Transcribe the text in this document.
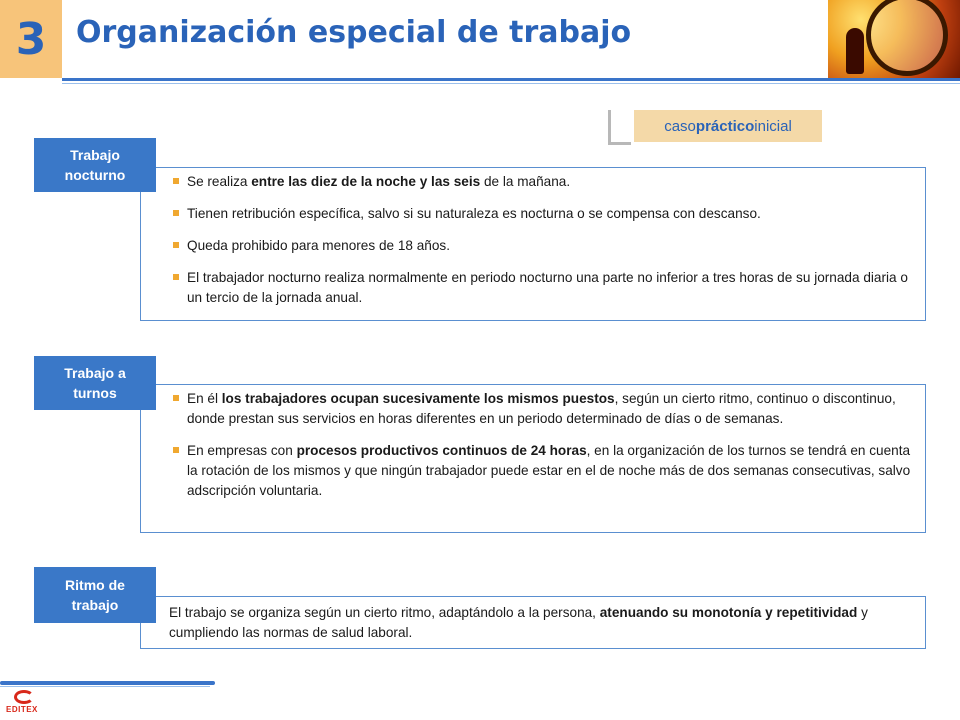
3 Organización especial de trabajo
caso práctico inicial
Se realiza entre las diez de la noche y las seis de la mañana.
Tienen retribución específica, salvo si su naturaleza es nocturna o se compensa con descanso.
Queda prohibido para menores de 18 años.
El trabajador nocturno realiza normalmente en periodo nocturno una parte no inferior a tres horas de su jornada diaria o un tercio de la jornada anual.
Trabajo
nocturno
En él los trabajadores ocupan sucesivamente los mismos puestos, según un cierto ritmo, continuo o discontinuo, donde prestan sus servicios en horas diferentes en un periodo determinado de días o de semanas.
En empresas con procesos productivos continuos de 24 horas, en la organización de los turnos se tendrá en cuenta la rotación de los mismos y que ningún trabajador puede estar en el de noche más de dos semanas consecutivas, salvo adscripción voluntaria.
Trabajo a
turnos
El trabajo se organiza según un cierto ritmo, adaptándolo a la persona, atenuando su monotonía y repetitividad y cumpliendo las normas de salud laboral.
Ritmo de
trabajo
EDITEX
